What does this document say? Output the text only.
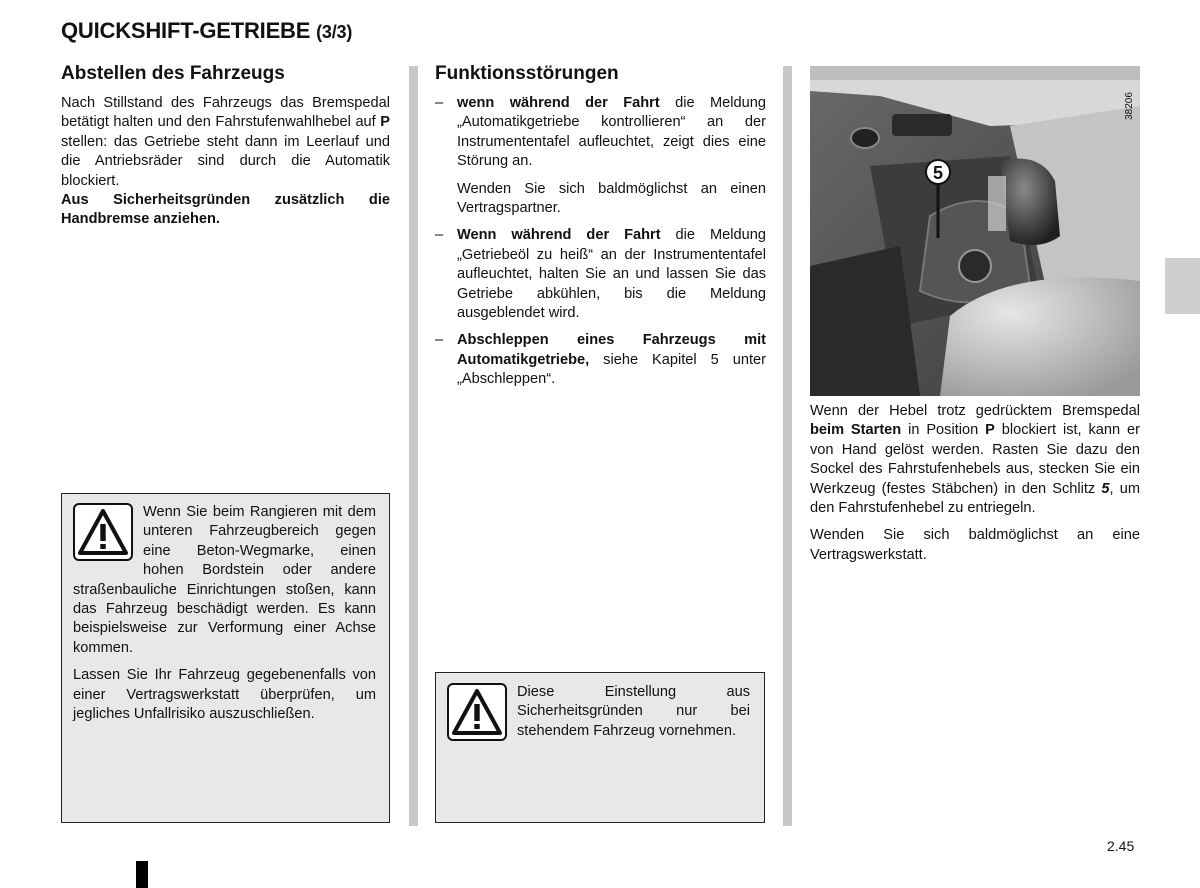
QUICKSHIFT-GETRIEBE (3/3)
Abstellen des Fahrzeugs
Nach Stillstand des Fahrzeugs das Bremspedal betätigt halten und den Fahrstufenwahlhebel auf P stellen: das Getriebe steht dann im Leerlauf und die Antriebsräder sind durch die Automatik blockiert.
Aus Sicherheitsgründen zusätzlich die Handbremse anziehen.

Wenn Sie beim Rangieren mit dem unteren Fahrzeugbereich gegen eine Beton-Wegmarke, einen hohen Bordstein oder andere straßenbauliche Einrichtungen stoßen, kann das Fahrzeug beschädigt werden. Es kann beispielsweise zur Verformung einer Achse kommen.

Lassen Sie Ihr Fahrzeug gegebenenfalls von einer Vertragswerkstatt überprüfen, um jegliches Unfallrisiko auszuschließen.

Funktionsstörungen
– wenn während der Fahrt die Meldung „Automatikgetriebe kontrollieren“ an der Instrumententafel aufleuchtet, zeigt dies eine Störung an.

Wenden Sie sich baldmöglichst an einen Vertragspartner.

– Wenn während der Fahrt die Meldung „Getriebeöl zu heiß“ an der Instrumententafel aufleuchtet, halten Sie an und lassen Sie das Getriebe abkühlen, bis die Meldung ausgeblendet wird.

– Abschleppen eines Fahrzeugs mit Automatikgetriebe, siehe Kapitel 5 unter „Abschleppen“.

Diese Einstellung aus Sicherheitsgründen nur bei stehendem Fahrzeug vornehmen.

5
38206

Wenn der Hebel trotz gedrücktem Bremspedal beim Starten in Position P blockiert ist, kann er von Hand gelöst werden. Rasten Sie dazu den Sockel des Fahrstufenhebels aus, stecken Sie ein Werkzeug (festes Stäbchen) in den Schlitz 5, um den Fahrstufenhebel zu entriegeln.

Wenden Sie sich baldmöglichst an eine Vertragswerkstatt.

2.45
